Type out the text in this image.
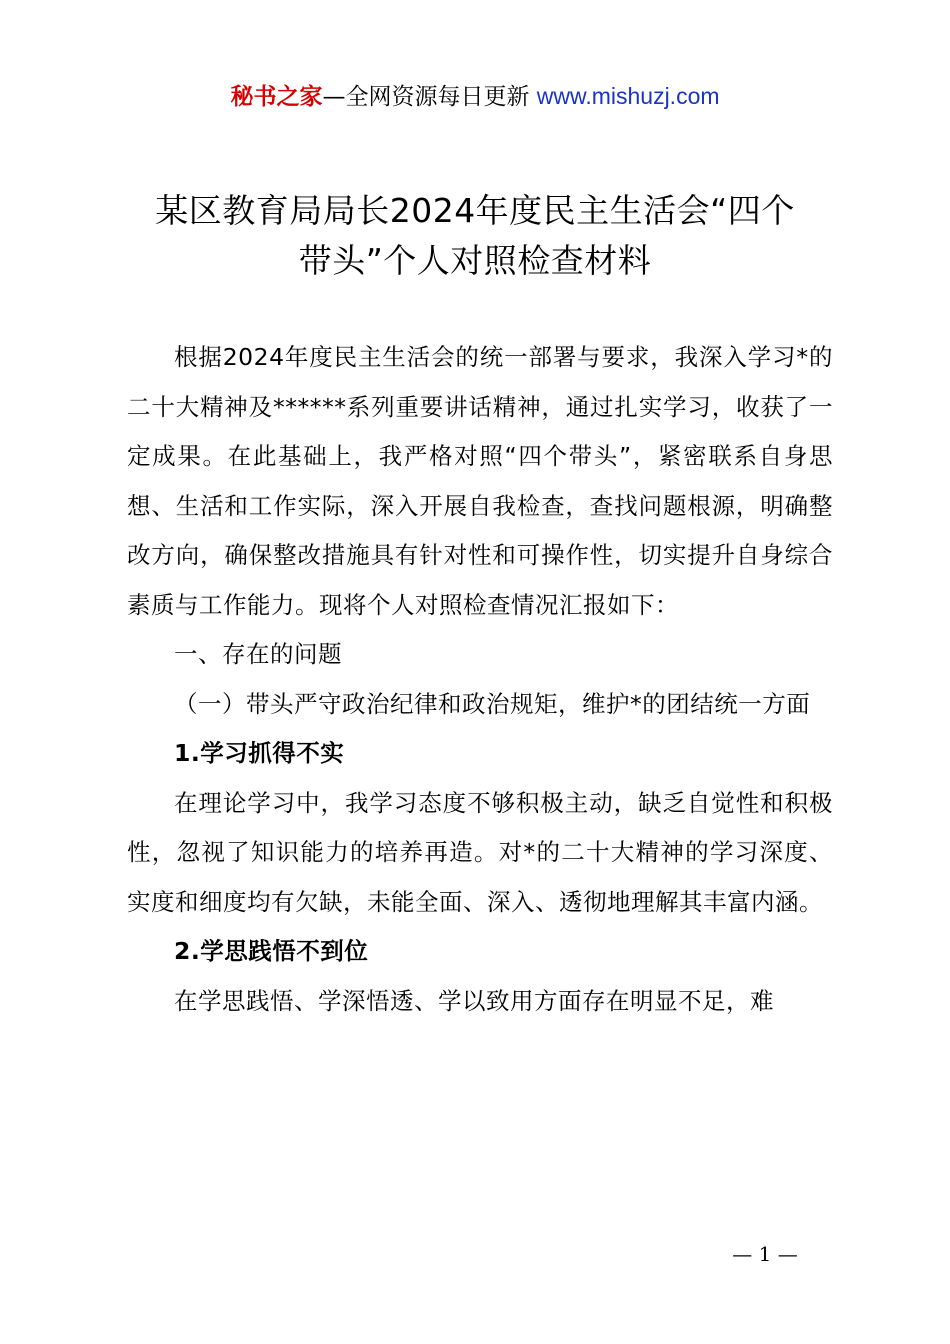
秘书之家—全网资源每日更新 www.mishuzj.com
某区教育局局长2024年度民主生活会“四个
带头”个人对照检查材料

根据2024年度民主生活会的统一部署与要求，我深入学习*的二十大精神及******系列重要讲话精神，通过扎实学习，收获了一定成果。在此基础上，我严格对照“四个带头”，紧密联系自身思想、生活和工作实际，深入开展自我检查，查找问题根源，明确整改方向，确保整改措施具有针对性和可操作性，切实提升自身综合素质与工作能力。现将个人对照检查情况汇报如下：

一、存在的问题

（一）带头严守政治纪律和政治规矩，维护*的团结统一方面

1.学习抓得不实

在理论学习中，我学习态度不够积极主动，缺乏自觉性和积极性，忽视了知识能力的培养再造。对*的二十大精神的学习深度、实度和细度均有欠缺，未能全面、深入、透彻地理解其丰富内涵。

2.学思践悟不到位

在学思践悟、学深悟透、学以致用方面存在明显不足，难

— 1 —
